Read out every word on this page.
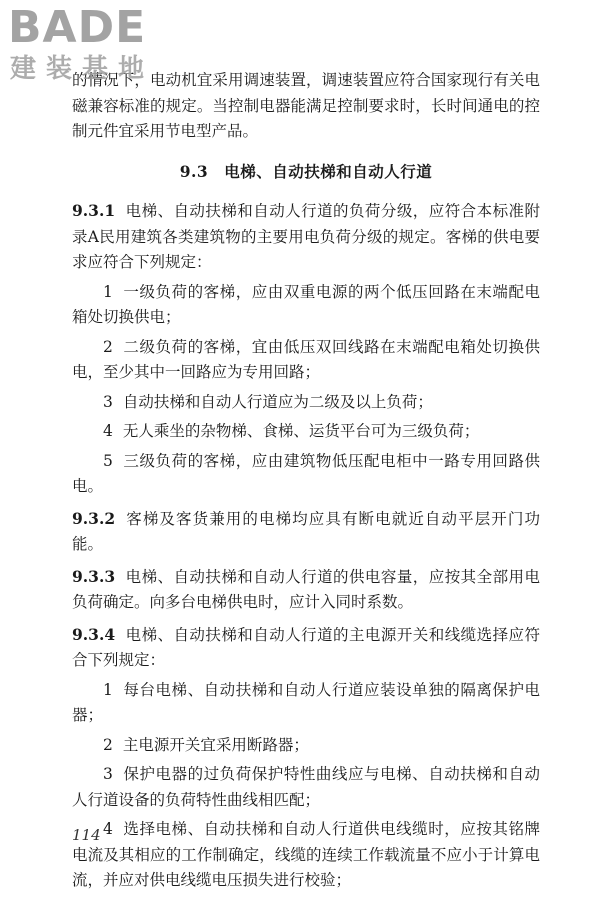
BADE
建装基地

的情况下，电动机宜采用调速装置，调速装置应符合国家现行有关电磁兼容标准的规定。当控制电器能满足控制要求时，长时间通电的控制元件宜采用节电型产品。

9.3 电梯、自动扶梯和自动人行道

9.3.1 电梯、自动扶梯和自动人行道的负荷分级，应符合本标准附录A民用建筑各类建筑物的主要用电负荷分级的规定。客梯的供电要求应符合下列规定：

1 一级负荷的客梯，应由双重电源的两个低压回路在末端配电箱处切换供电；

2 二级负荷的客梯，宜由低压双回线路在末端配电箱处切换供电，至少其中一回路应为专用回路；

3 自动扶梯和自动人行道应为二级及以上负荷；

4 无人乘坐的杂物梯、食梯、运货平台可为三级负荷；

5 三级负荷的客梯，应由建筑物低压配电柜中一路专用回路供电。

9.3.2 客梯及客货兼用的电梯均应具有断电就近自动平层开门功能。

9.3.3 电梯、自动扶梯和自动人行道的供电容量，应按其全部用电负荷确定。向多台电梯供电时，应计入同时系数。

9.3.4 电梯、自动扶梯和自动人行道的主电源开关和线缆选择应符合下列规定：

1 每台电梯、自动扶梯和自动人行道应装设单独的隔离保护电器；

2 主电源开关宜采用断路器；

3 保护电器的过负荷保护特性曲线应与电梯、自动扶梯和自动人行道设备的负荷特性曲线相匹配；

4 选择电梯、自动扶梯和自动人行道供电线缆时，应按其铭牌电流及其相应的工作制确定，线缆的连续工作载流量不应小于计算电流，并应对供电线缆电压损失进行校验；

114
